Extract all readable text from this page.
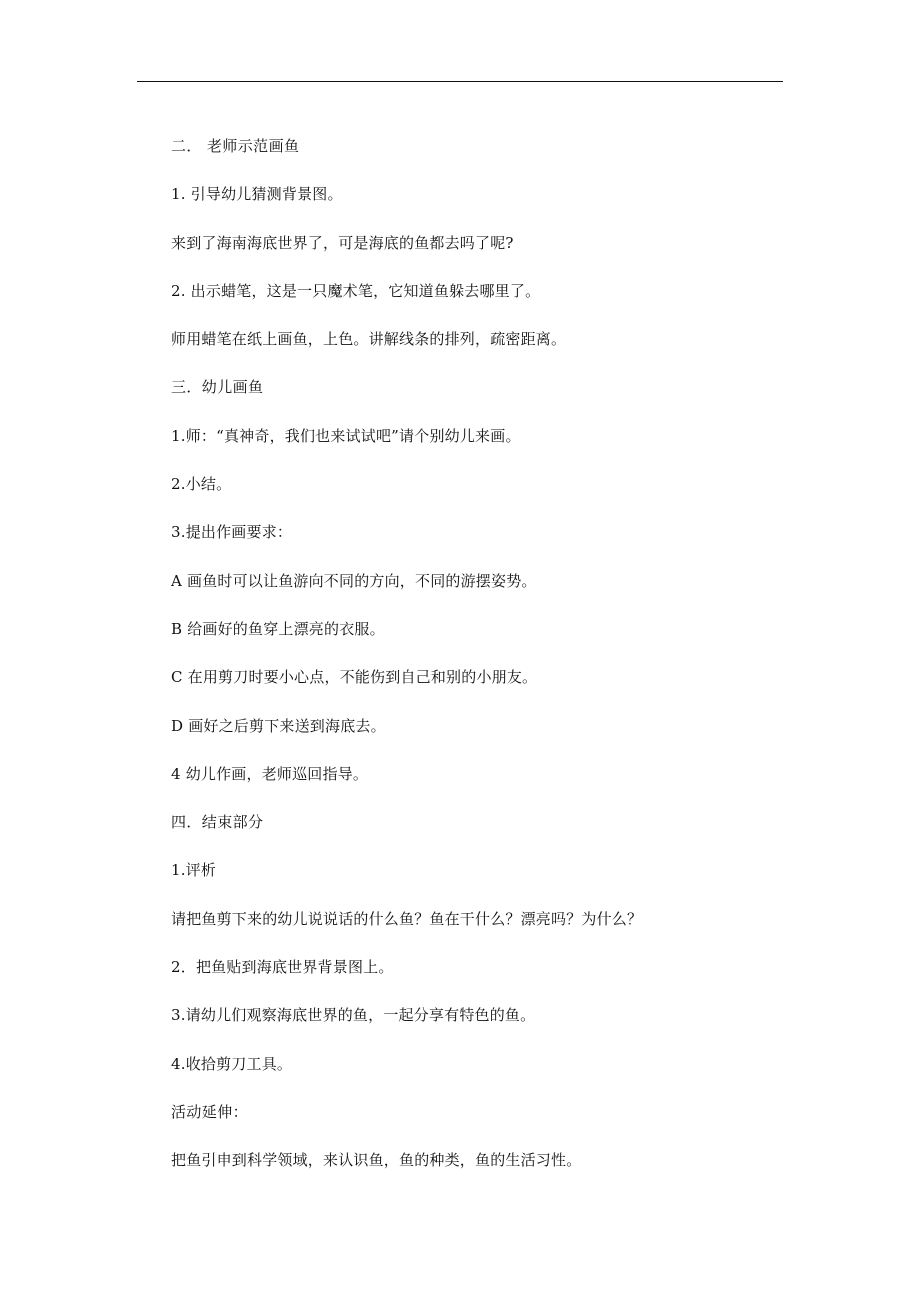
二． 老师示范画鱼
1. 引导幼儿猜测背景图。
来到了海南海底世界了，可是海底的鱼都去吗了呢?
2. 出示蜡笔，这是一只魔术笔，它知道鱼躲去哪里了。
师用蜡笔在纸上画鱼，上色。讲解线条的排列，疏密距离。
三．幼儿画鱼
1.师：“真神奇，我们也来试试吧”请个别幼儿来画。
2.小结。
3.提出作画要求：
A 画鱼时可以让鱼游向不同的方向，不同的游摆姿势。
B 给画好的鱼穿上漂亮的衣服。
C 在用剪刀时要小心点，不能伤到自己和别的小朋友。
D 画好之后剪下来送到海底去。
4 幼儿作画，老师巡回指导。
四．结束部分
1.评析
请把鱼剪下来的幼儿说说话的什么鱼？鱼在干什么？漂亮吗？为什么？
2．把鱼贴到海底世界背景图上。
3.请幼儿们观察海底世界的鱼，一起分享有特色的鱼。
4.收拾剪刀工具。
活动延伸：
把鱼引申到科学领域，来认识鱼，鱼的种类，鱼的生活习性。
